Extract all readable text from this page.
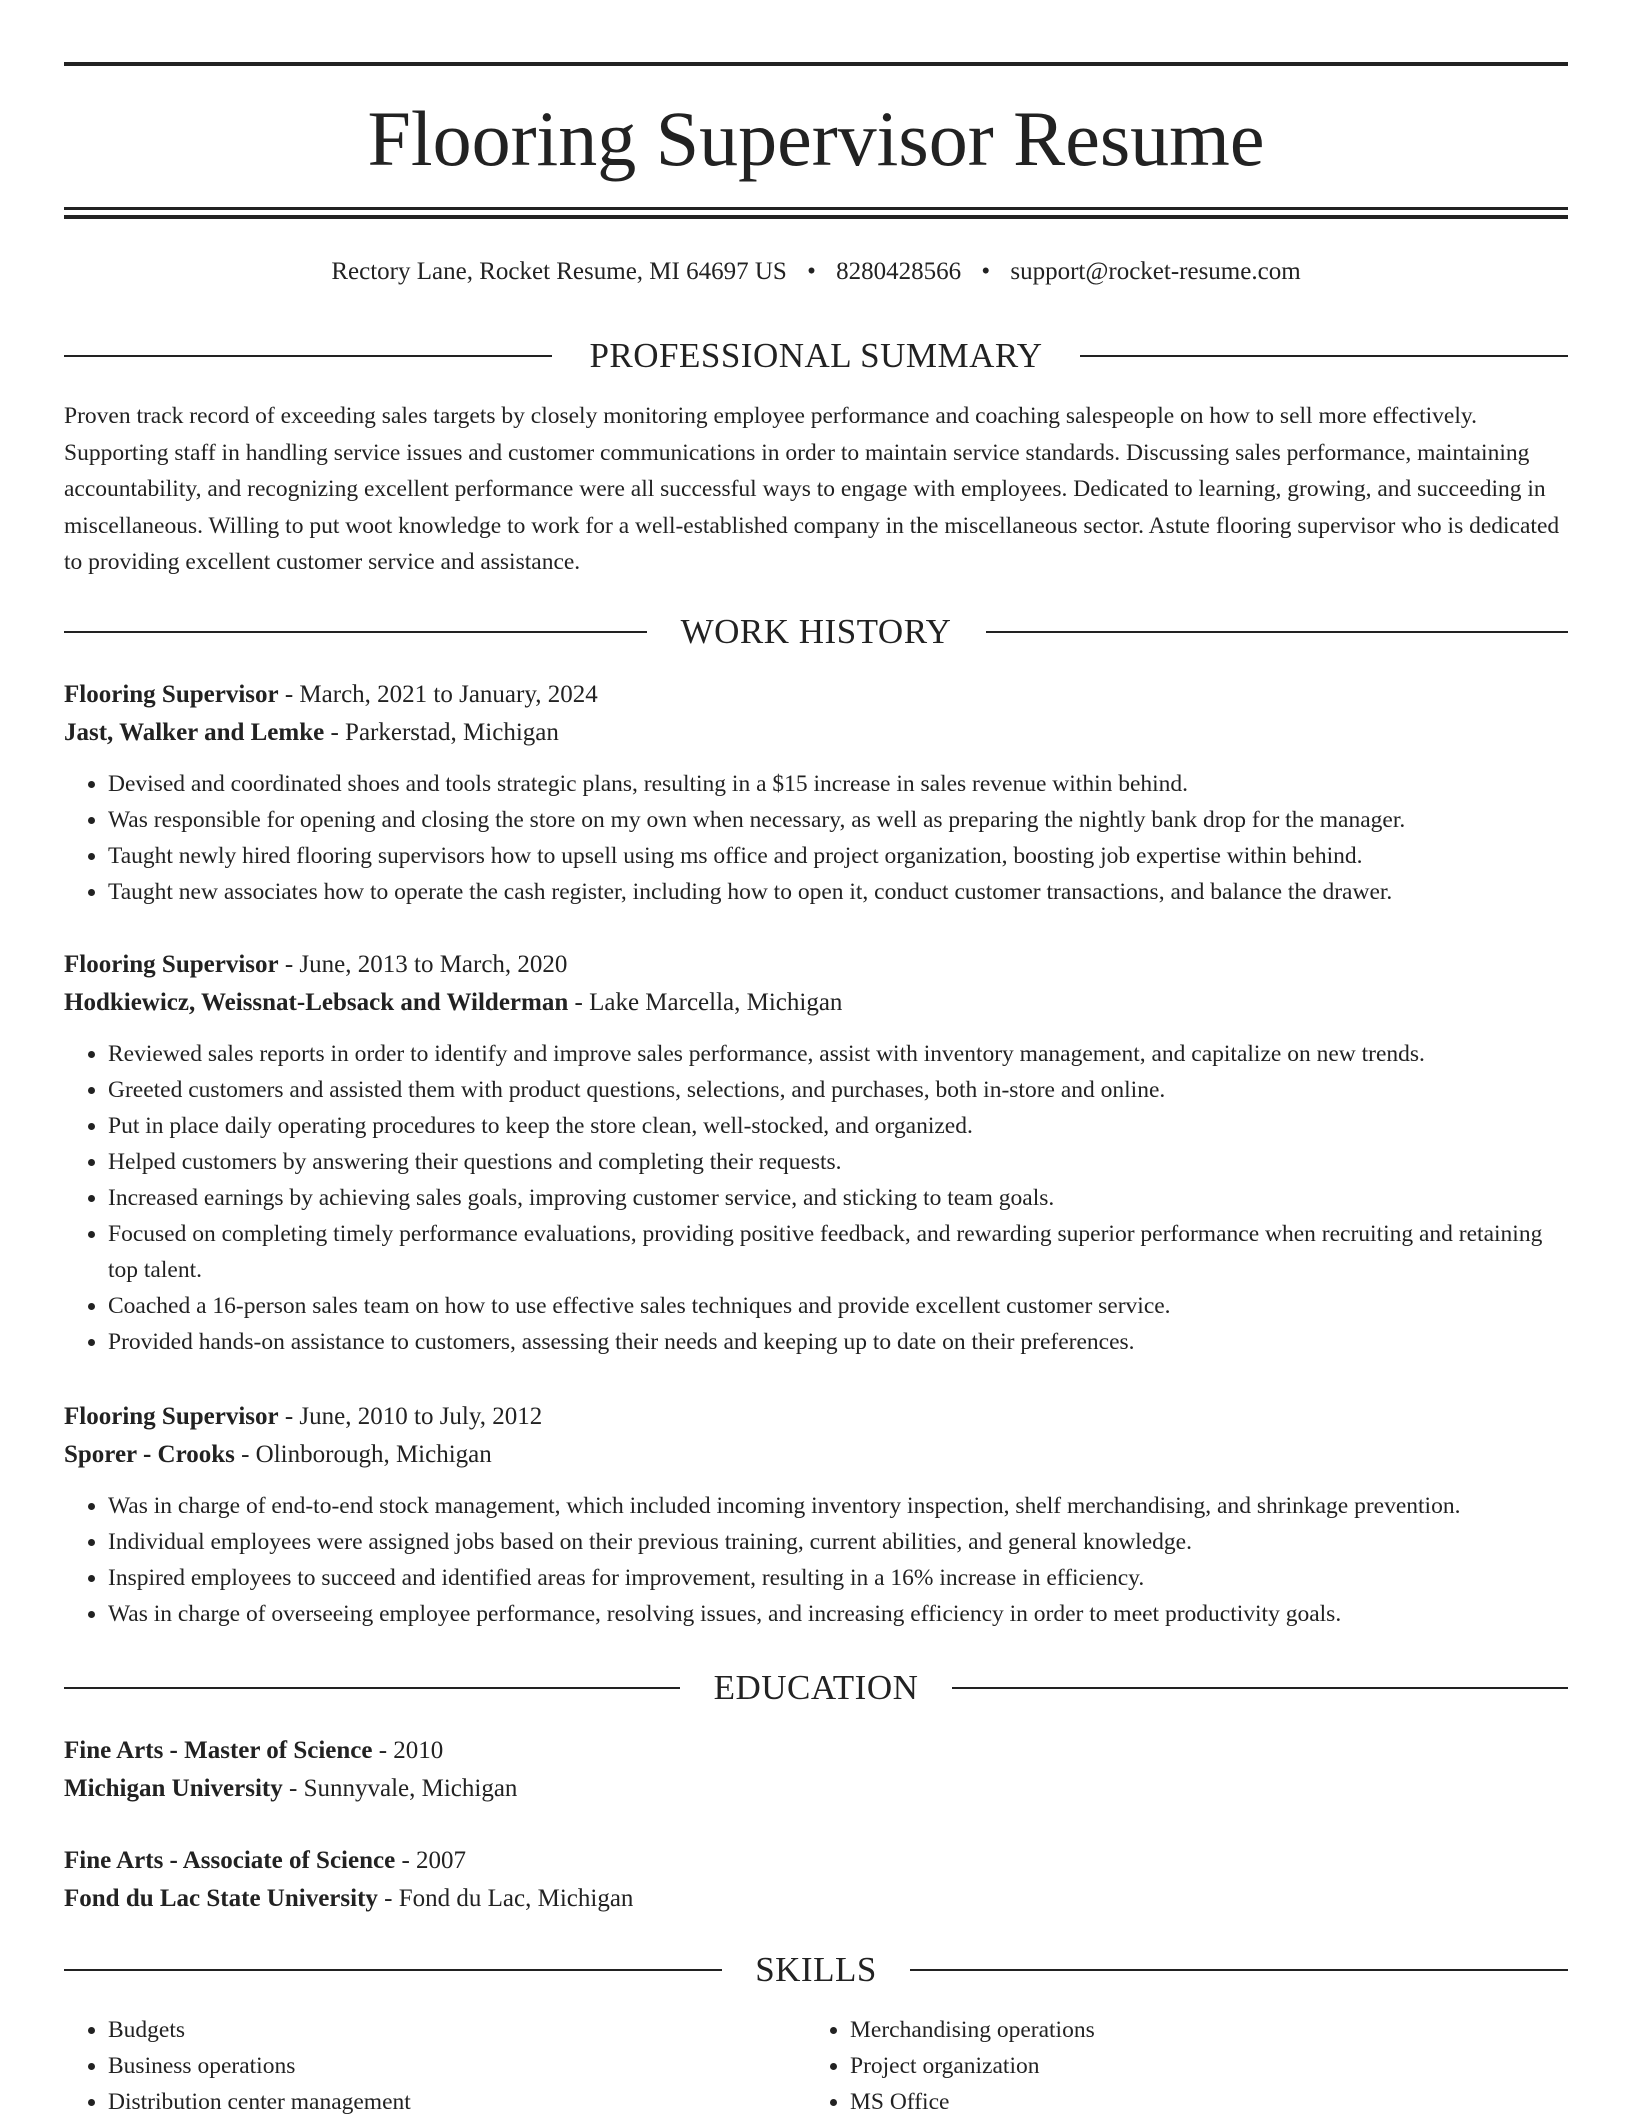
Flooring Supervisor Resume
Rectory Lane, Rocket Resume, MI 64697 US • 8280428566 • support@rocket-resume.com
PROFESSIONAL SUMMARY

Proven track record of exceeding sales targets by closely monitoring employee performance and coaching salespeople on how to sell more effectively. Supporting staff in handling service issues and customer communications in order to maintain service standards. Discussing sales performance, maintaining accountability, and recognizing excellent performance were all successful ways to engage with employees. Dedicated to learning, growing, and succeeding in miscellaneous. Willing to put woot knowledge to work for a well-established company in the miscellaneous sector. Astute flooring supervisor who is dedicated to providing excellent customer service and assistance.

WORK HISTORY
Flooring Supervisor - March, 2021 to January, 2024
Jast, Walker and Lemke - Parkerstad, Michigan
• Devised and coordinated shoes and tools strategic plans, resulting in a $15 increase in sales revenue within behind.
• Was responsible for opening and closing the store on my own when necessary, as well as preparing the nightly bank drop for the manager.
• Taught newly hired flooring supervisors how to upsell using ms office and project organization, boosting job expertise within behind.
• Taught new associates how to operate the cash register, including how to open it, conduct customer transactions, and balance the drawer.
Flooring Supervisor - June, 2013 to March, 2020
Hodkiewicz, Weissnat-Lebsack and Wilderman - Lake Marcella, Michigan
• Reviewed sales reports in order to identify and improve sales performance, assist with inventory management, and capitalize on new trends.
• Greeted customers and assisted them with product questions, selections, and purchases, both in-store and online.
• Put in place daily operating procedures to keep the store clean, well-stocked, and organized.
• Helped customers by answering their questions and completing their requests.
• Increased earnings by achieving sales goals, improving customer service, and sticking to team goals.
• Focused on completing timely performance evaluations, providing positive feedback, and rewarding superior performance when recruiting and retaining top talent.
• Coached a 16-person sales team on how to use effective sales techniques and provide excellent customer service.
• Provided hands-on assistance to customers, assessing their needs and keeping up to date on their preferences.
Flooring Supervisor - June, 2010 to July, 2012
Sporer - Crooks - Olinborough, Michigan
• Was in charge of end-to-end stock management, which included incoming inventory inspection, shelf merchandising, and shrinkage prevention.
• Individual employees were assigned jobs based on their previous training, current abilities, and general knowledge.
• Inspired employees to succeed and identified areas for improvement, resulting in a 16% increase in efficiency.
• Was in charge of overseeing employee performance, resolving issues, and increasing efficiency in order to meet productivity goals.
EDUCATION
Fine Arts - Master of Science - 2010
Michigan University - Sunnyvale, Michigan
Fine Arts - Associate of Science - 2007
Fond du Lac State University - Fond du Lac, Michigan
SKILLS
• Budgets
• Business operations
• Distribution center management
• Merchandising operations
• Project organization
• MS Office
